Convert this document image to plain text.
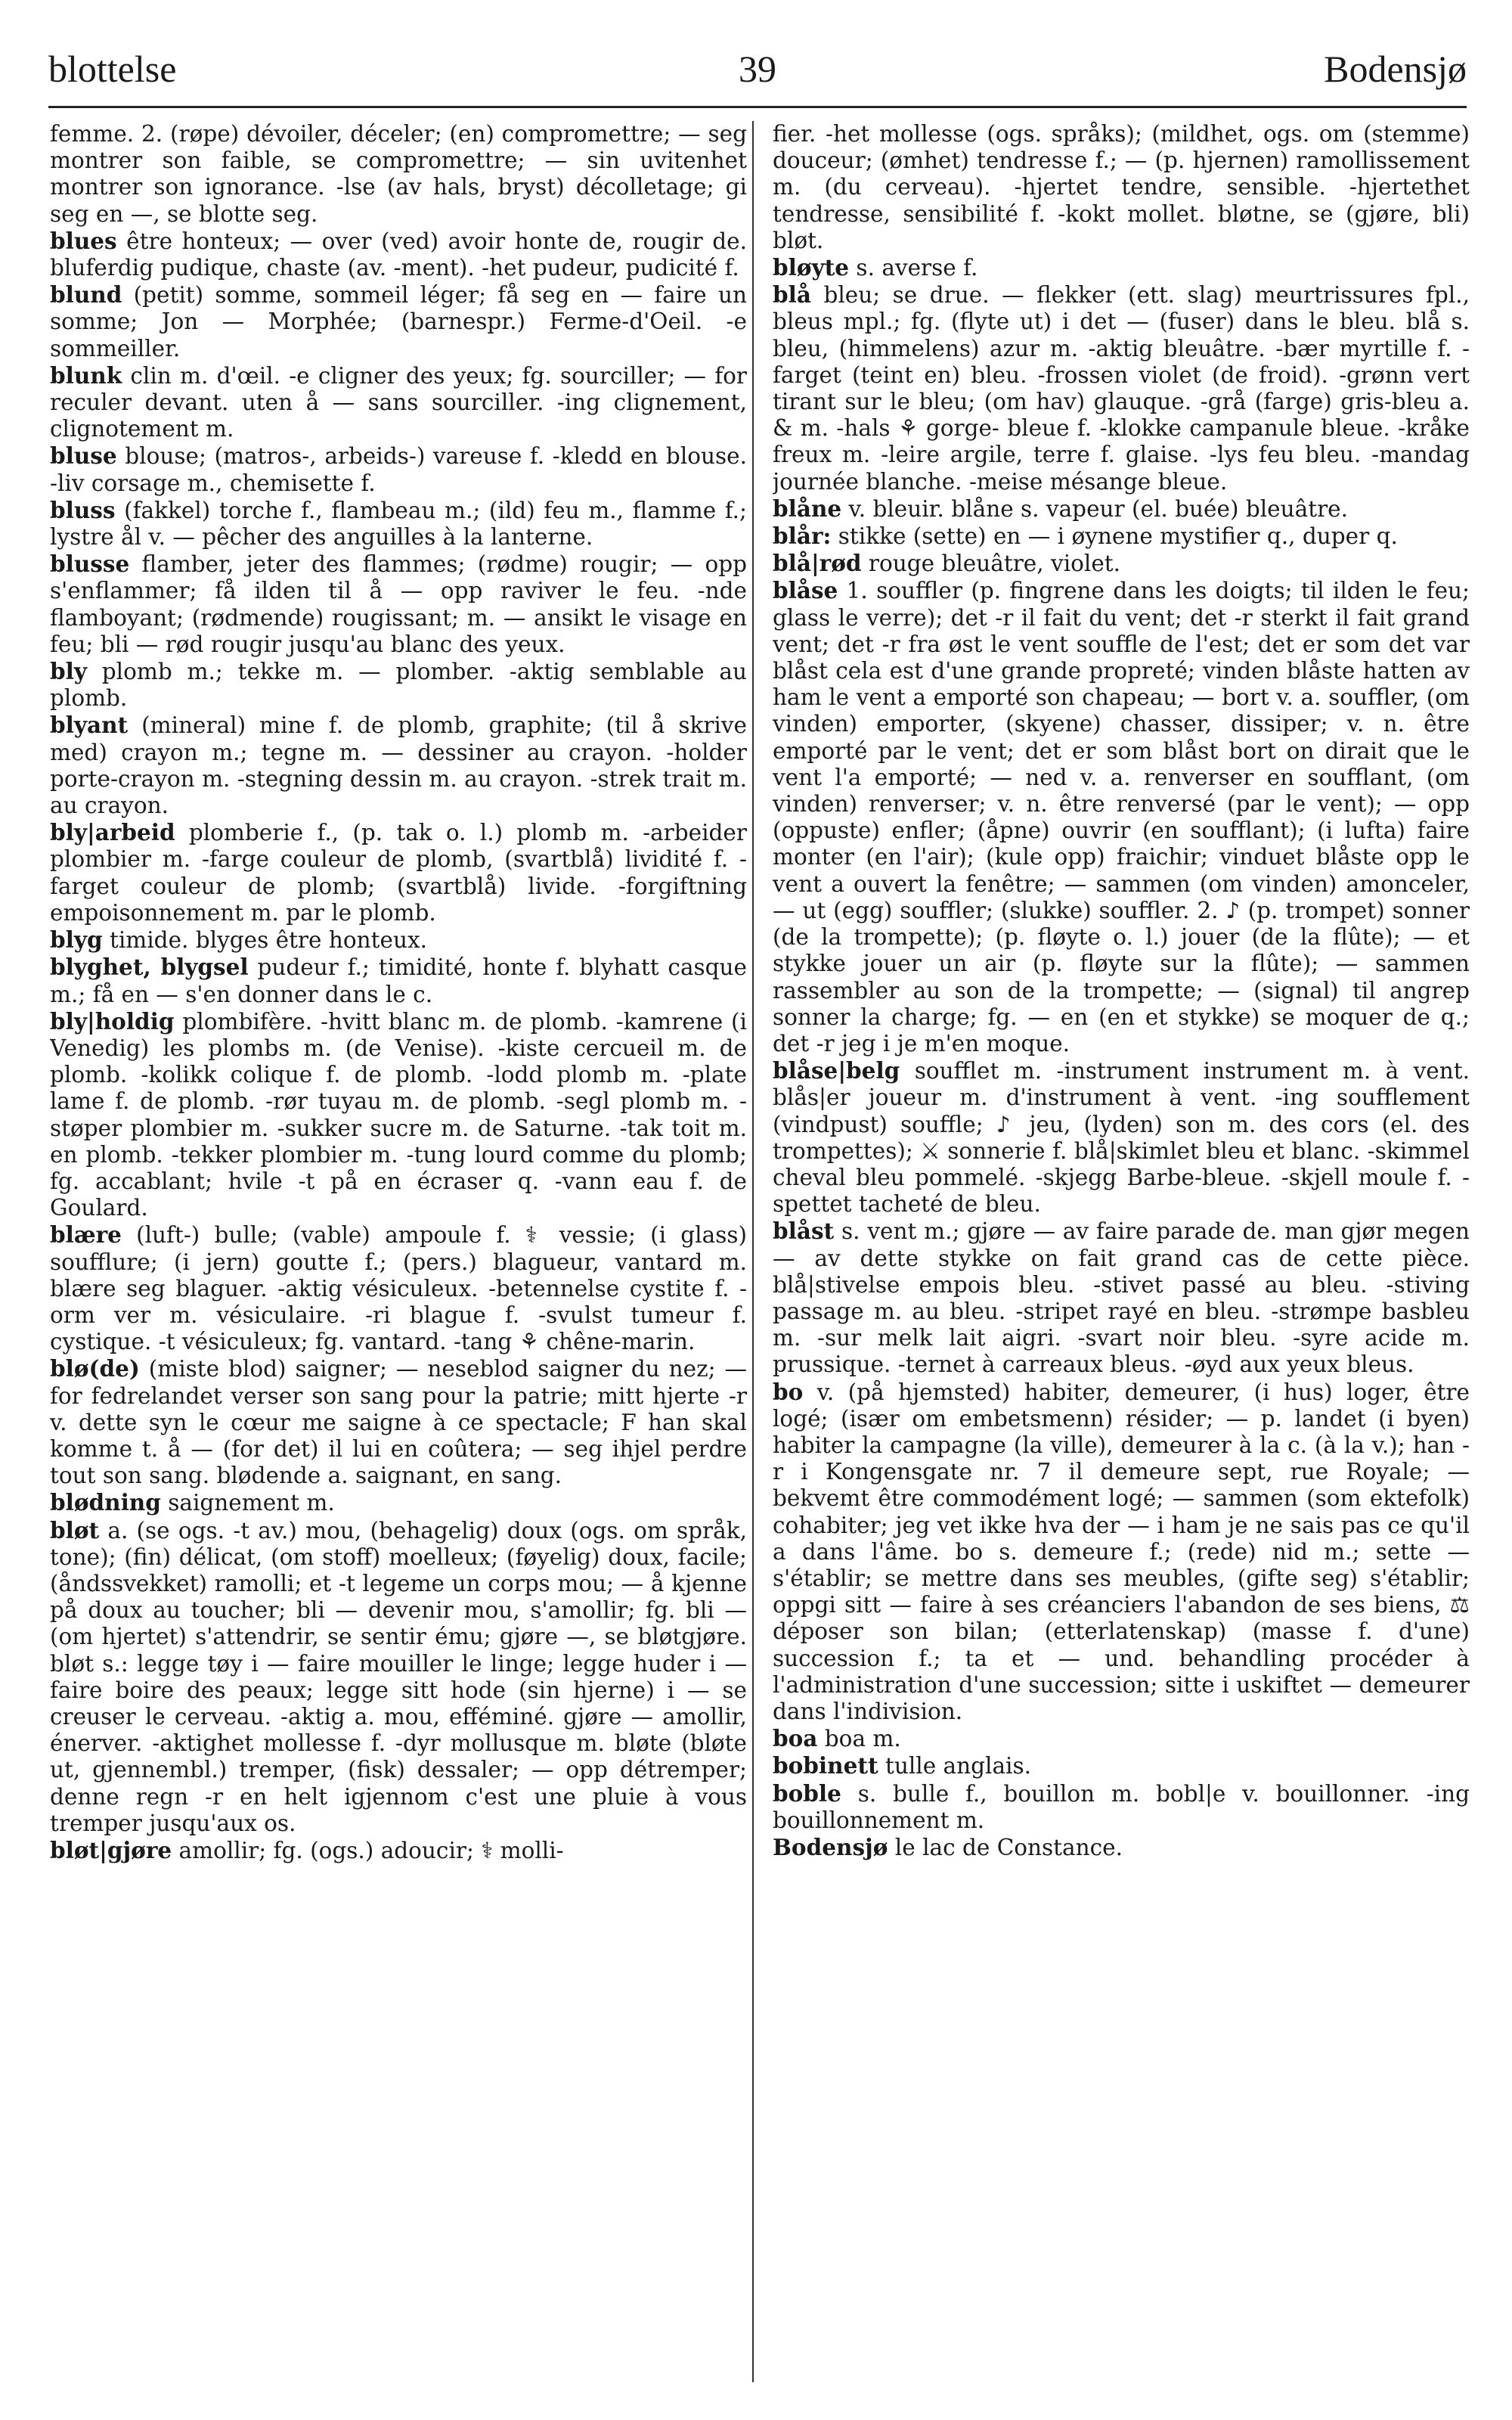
blottelse	39	Bodensjø

femme. 2. (røpe) dévoiler, déceler; (en) compromettre; — seg montrer son faible, se compromettre; — sin uvitenhet montrer son ignorance. -lse (av hals, bryst) décolletage; gi seg en —, se blotte seg.

blues être honteux; — over (ved) avoir honte de, rougir de. bluferdig pudique, chaste (av. -ment). -het pudeur, pudicité f.

blund (petit) somme, sommeil léger; få seg en — faire un somme; Jon — Morphée; (barnespr.) Ferme-d'Oeil. -e sommeiller.

blunk clin m. d'œil. -e cligner des yeux; fg. sourciller; — for reculer devant. uten å — sans sourciller. -ing clignement, clignotement m.

bluse blouse; (matros-, arbeids-) vareuse f. -kledd en blouse. -liv corsage m., chemisette f.

bluss (fakkel) torche f., flambeau m.; (ild) feu m., flamme f.; lystre ål v. — pêcher des anguilles à la lanterne.

blusse flamber, jeter des flammes; (rødme) rougir; — opp s'enflammer; få ilden til å — opp raviver le feu. -nde flamboyant; (rødmende) rougissant; m. — ansikt le visage en feu; bli — rød rougir jusqu'au blanc des yeux.

bly plomb m.; tekke m. — plomber. -aktig semblable au plomb.

blyant (mineral) mine f. de plomb, graphite; (til å skrive med) crayon m.; tegne m. — dessiner au crayon. -holder porte-crayon m. -stegning dessin m. au crayon. -strek trait m. au crayon.

bly|arbeid plomberie f., (p. tak o. l.) plomb m. -arbeider plombier m. -farge couleur de plomb, (svartblå) lividité f. -farget couleur de plomb; (svartblå) livide. -forgiftning empoisonnement m. par le plomb.

blyg timide. blyges être honteux.

blyghet, blygsel pudeur f.; timidité, honte f. blyhatt casque m.; få en — s'en donner dans le c.

bly|holdig plombifère. -hvitt blanc m. de plomb. -kamrene (i Venedig) les plombs m. (de Venise). -kiste cercueil m. de plomb. -kolikk colique f. de plomb. -lodd plomb m. -plate lame f. de plomb. -rør tuyau m. de plomb. -segl plomb m. -støper plombier m. -sukker sucre m. de Saturne. -tak toit m. en plomb. -tekker plombier m. -tung lourd comme du plomb; fg. accablant; hvile -t på en écraser q. -vann eau f. de Goulard.

blære (luft-) bulle; (vable) ampoule f. ⚕ vessie; (i glass) soufflure; (i jern) goutte f.; (pers.) blagueur, vantard m. blære seg blaguer. -aktig vésiculeux. -betennelse cystite f. -orm ver m. vésiculaire. -ri blague f. -svulst tumeur f. cystique. -t vésiculeux; fg. vantard. -tang ⚘ chêne-marin.

blø(de) (miste blod) saigner; — neseblod saigner du nez; — for fedrelandet verser son sang pour la patrie; mitt hjerte -r v. dette syn le cœur me saigne à ce spectacle; F han skal komme t. å — (for det) il lui en coûtera; — seg ihjel perdre tout son sang. blødende a. saignant, en sang.

blødning saignement m.

bløt a. (se ogs. -t av.) mou, (behagelig) doux (ogs. om språk, tone); (fin) délicat, (om stoff) moelleux; (føyelig) doux, facile; (åndssvekket) ramolli; et -t legeme un corps mou; — å kjenne på doux au toucher; bli — devenir mou, s'amollir; fg. bli — (om hjertet) s'attendrir, se sentir ému; gjøre —, se bløtgjøre. bløt s.: legge tøy i — faire mouiller le linge; legge huder i — faire boire des peaux; legge sitt hode (sin hjerne) i — se creuser le cerveau. -aktig a. mou, efféminé. gjøre — amollir, énerver. -aktighet mollesse f. -dyr mollusque m. bløte (bløte ut, gjennembl.) tremper, (fisk) dessaler; — opp détremper; denne regn -r en helt igjennom c'est une pluie à vous tremper jusqu'aux os.

bløt|gjøre amollir; fg. (ogs.) adoucir; ⚕ molli-

fier. -het mollesse (ogs. språks); (mildhet, ogs. om (stemme) douceur; (ømhet) tendresse f.; — (p. hjernen) ramollissement m. (du cerveau). -hjertet tendre, sensible. -hjertethet tendresse, sensibilité f. -kokt mollet. bløtne, se (gjøre, bli) bløt.

bløyte s. averse f.

blå bleu; se drue. — flekker (ett. slag) meurtrissures fpl., bleus mpl.; fg. (flyte ut) i det — (fuser) dans le bleu. blå s. bleu, (himmelens) azur m. -aktig bleuâtre. -bær myrtille f. -farget (teint en) bleu. -frossen violet (de froid). -grønn vert tirant sur le bleu; (om hav) glauque. -grå (farge) gris-bleu a. & m. -hals ⚘ gorge- bleue f. -klokke campanule bleue. -kråke freux m. -leire argile, terre f. glaise. -lys feu bleu. -mandag journée blanche. -meise mésange bleue.

blåne v. bleuir. blåne s. vapeur (el. buée) bleuâtre.

blår: stikke (sette) en — i øynene mystifier q., duper q.

blå|rød rouge bleuâtre, violet.

blåse 1. souffler (p. fingrene dans les doigts; til ilden le feu; glass le verre); det -r il fait du vent; det -r sterkt il fait grand vent; det -r fra øst le vent souffle de l'est; det er som det var blåst cela est d'une grande propreté; vinden blåste hatten av ham le vent a emporté son chapeau; — bort v. a. souffler, (om vinden) emporter, (skyene) chasser, dissiper; v. n. être emporté par le vent; det er som blåst bort on dirait que le vent l'a emporté; — ned v. a. renverser en soufflant, (om vinden) renverser; v. n. être renversé (par le vent); — opp (oppuste) enfler; (åpne) ouvrir (en soufflant); (i lufta) faire monter (en l'air); (kule opp) fraichir; vinduet blåste opp le vent a ouvert la fenêtre; — sammen (om vinden) amonceler, — ut (egg) souffler; (slukke) souffler. 2. ♪ (p. trompet) sonner (de la trompette); (p. fløyte o. l.) jouer (de la flûte); — et stykke jouer un air (p. fløyte sur la flûte); — sammen rassembler au son de la trompette; — (signal) til angrep sonner la charge; fg. — en (en et stykke) se moquer de q.; det -r jeg i je m'en moque.

blåse|belg soufflet m. -instrument instrument m. à vent. blås|er joueur m. d'instrument à vent. -ing soufflement (vindpust) souffle; ♪ jeu, (lyden) son m. des cors (el. des trompettes); ⚔ sonnerie f. blå|skimlet bleu et blanc. -skimmel cheval bleu pommelé. -skjegg Barbe-bleue. -skjell moule f. -spettet tacheté de bleu.

blåst s. vent m.; gjøre — av faire parade de. man gjør megen — av dette stykke on fait grand cas de cette pièce. blå|stivelse empois bleu. -stivet passé au bleu. -stiving passage m. au bleu. -stripet rayé en bleu. -strømpe basbleu m. -sur melk lait aigri. -svart noir bleu. -syre acide m. prussique. -ternet à carreaux bleus. -øyd aux yeux bleus.

bo v. (på hjemsted) habiter, demeurer, (i hus) loger, être logé; (især om embetsmenn) résider; — p. landet (i byen) habiter la campagne (la ville), demeurer à la c. (à la v.); han -r i Kongensgate nr. 7 il demeure sept, rue Royale; — bekvemt être commodément logé; — sammen (som ektefolk) cohabiter; jeg vet ikke hva der — i ham je ne sais pas ce qu'il a dans l'âme. bo s. demeure f.; (rede) nid m.; sette — s'établir; se mettre dans ses meubles, (gifte seg) s'établir; oppgi sitt — faire à ses créanciers l'abandon de ses biens, ⚖ déposer son bilan; (etterlatenskap) (masse f. d'une) succession f.; ta et — und. behandling procéder à l'administration d'une succession; sitte i uskiftet — demeurer dans l'indivision.

boa boa m.

bobinett tulle anglais.

boble s. bulle f., bouillon m. bobl|e v. bouillonner. -ing bouillonnement m.

Bodensjø le lac de Constance.
